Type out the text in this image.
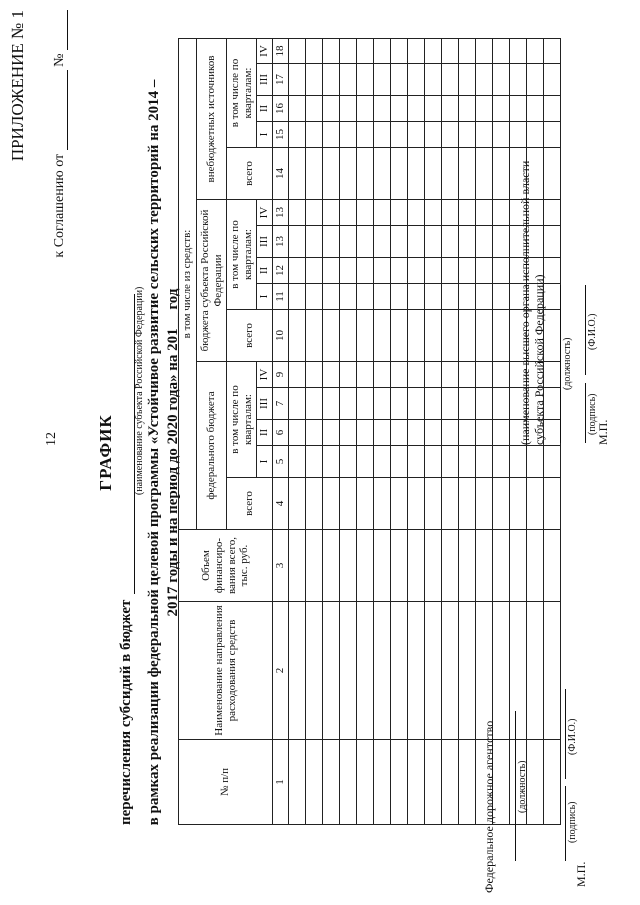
12
ПРИЛОЖЕНИЕ № 1
к Соглашению от  №
ГРАФИК
перечисления субсидий в бюджет
(наименование субъекта Российской Федерации) в рамках реализации федеральной целевой программы «Устойчивое развитие сельских территорий на 2014 – 2017 годы и на период до 2020 года» на 201__ год
№ п/п	Наименование направления расходования средств	Объем финансиро-вания всего, тыс. руб.	в том числе из средств:														
			федерального бюджета					бюджета субъекта Российской Федерации					внебюджетных источников				
			всего	в том числе по кварталам:				всего	в том числе по кварталам:				всего	в том числе по кварталам:			
				I	II	III	IV		I	II	III	IV		I	II	III	IV

1	2	3	4	5	6	7	9	10	11	12	13	13	14	15	16	17	18

Федеральное дорожное агентство (должность)
(подпись)
(Ф.И.О.)
М.П.
(наименование высшего органа исполнительной власти субъекта Российской Федерации) (должность)
(подпись)
(Ф.И.О.)
М.П.
